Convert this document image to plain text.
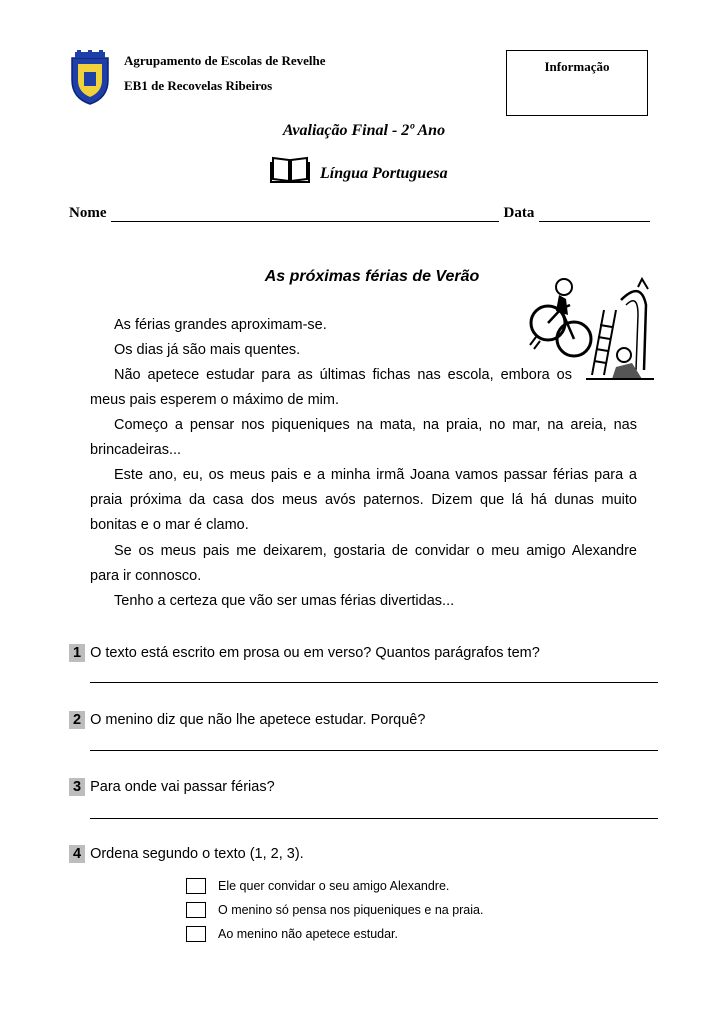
Agrupamento de Escolas de Revelhe
EB1 de Recovelas Ribeiros
Informação
Avaliação Final - 2º Ano
Língua Portuguesa
Nome	Data
As próximas férias de Verão
As férias grandes aproximam-se.
Os dias já são mais quentes.
Não apetece estudar para as últimas fichas nas escola, embora os
meus pais esperem o máximo de mim.
Começo a pensar nos piqueniques na mata, na praia, no mar, na areia, nas
brincadeiras...
Este ano, eu, os meus pais e a minha irmã Joana vamos passar férias para a
praia próxima da casa dos meus avós paternos. Dizem que lá há dunas muito
bonitas e o mar é clamo.
Se os meus pais me deixarem, gostaria de convidar o meu amigo Alexandre
para ir connosco.
Tenho a certeza que vão ser umas férias divertidas...
1 O texto está escrito em prosa ou em verso? Quantos parágrafos tem?
2 O menino diz que não lhe apetece estudar. Porquê?
3 Para onde vai passar férias?
4 Ordena segundo o texto (1, 2, 3).
Ele quer convidar o seu amigo Alexandre.
O menino só pensa nos piqueniques e na praia.
Ao menino não apetece estudar.
